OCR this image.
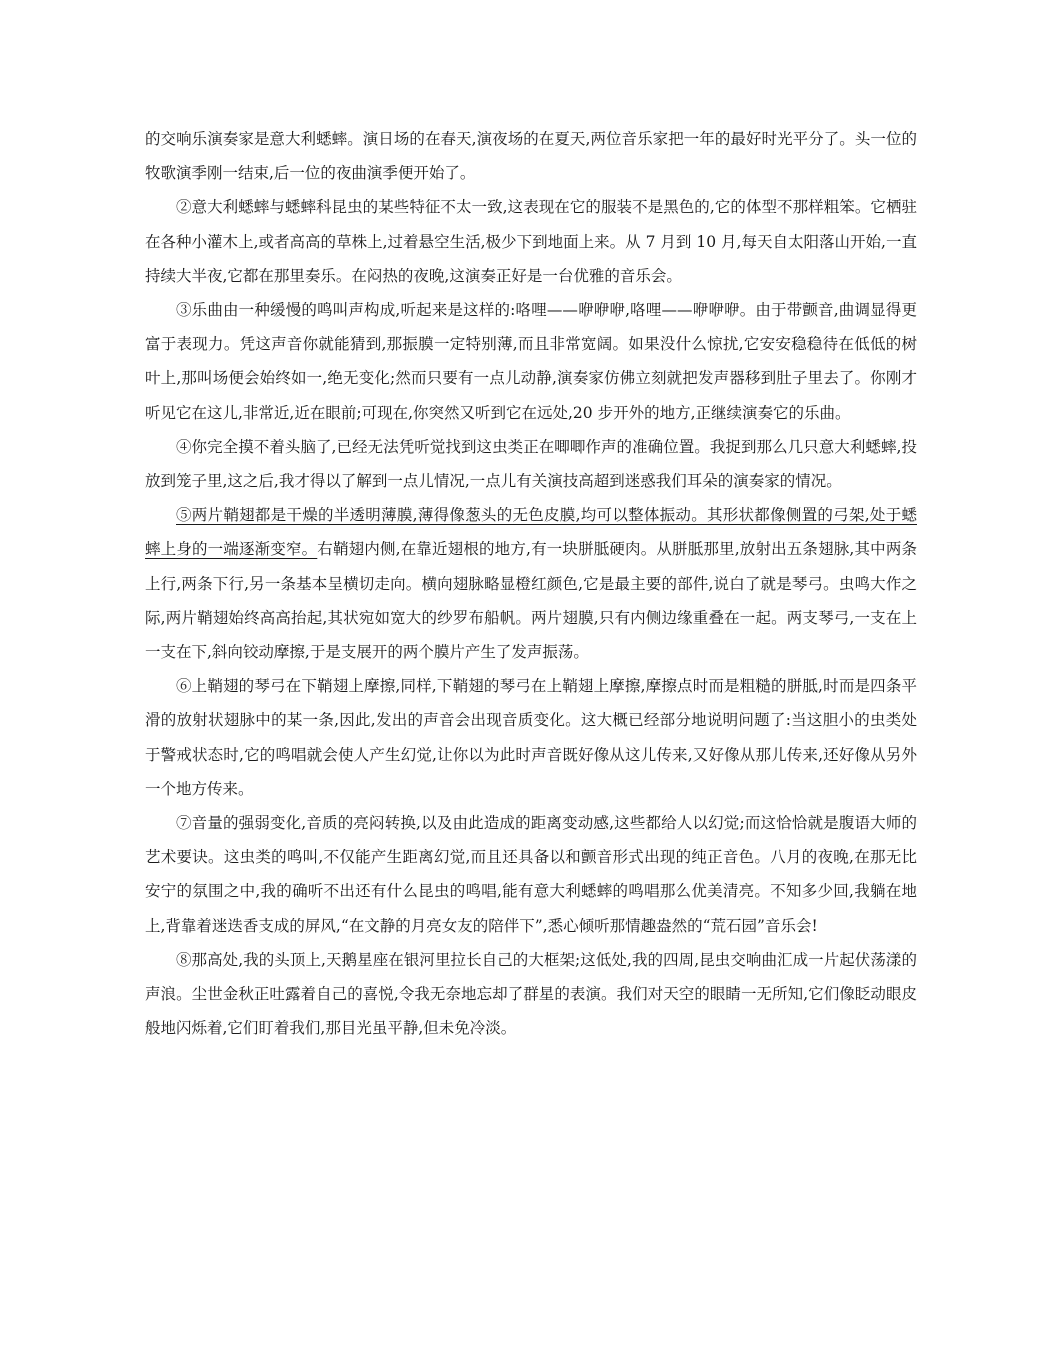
的交响乐演奏家是意大利蟋蟀。演日场的在春天,演夜场的在夏天,两位音乐家把一年的最好时光平分了。头一位的牧歌演季刚一结束,后一位的夜曲演季便开始了。

②意大利蟋蟀与蟋蟀科昆虫的某些特征不太一致,这表现在它的服装不是黑色的,它的体型不那样粗笨。它栖驻在各种小灌木上,或者高高的草株上,过着悬空生活,极少下到地面上来。从 7 月到 10 月,每天自太阳落山开始,一直持续大半夜,它都在那里奏乐。在闷热的夜晚,这演奏正好是一台优雅的音乐会。

③乐曲由一种缓慢的鸣叫声构成,听起来是这样的:咯哩——咿咿咿,咯哩——咿咿咿。由于带颤音,曲调显得更富于表现力。凭这声音你就能猜到,那振膜一定特别薄,而且非常宽阔。如果没什么惊扰,它安安稳稳待在低低的树叶上,那叫场便会始终如一,绝无变化;然而只要有一点儿动静,演奏家仿佛立刻就把发声器移到肚子里去了。你刚才听见它在这儿,非常近,近在眼前;可现在,你突然又听到它在远处,20 步开外的地方,正继续演奏它的乐曲。

④你完全摸不着头脑了,已经无法凭听觉找到这虫类正在唧唧作声的准确位置。我捉到那么几只意大利蟋蟀,投放到笼子里,这之后,我才得以了解到一点儿情况,一点儿有关演技高超到迷惑我们耳朵的演奏家的情况。

⑤两片鞘翅都是干燥的半透明薄膜,薄得像葱头的无色皮膜,均可以整体振动。其形状都像侧置的弓架,处于蟋蟀上身的一端逐渐变窄。右鞘翅内侧,在靠近翅根的地方,有一块胼胝硬肉。从胼胝那里,放射出五条翅脉,其中两条上行,两条下行,另一条基本呈横切走向。横向翅脉略显橙红颜色,它是最主要的部件,说白了就是琴弓。虫鸣大作之际,两片鞘翅始终高高抬起,其状宛如宽大的纱罗布船帆。两片翅膜,只有内侧边缘重叠在一起。两支琴弓,一支在上一支在下,斜向铰动摩擦,于是支展开的两个膜片产生了发声振荡。

⑥上鞘翅的琴弓在下鞘翅上摩擦,同样,下鞘翅的琴弓在上鞘翅上摩擦,摩擦点时而是粗糙的胼胝,时而是四条平滑的放射状翅脉中的某一条,因此,发出的声音会出现音质变化。这大概已经部分地说明问题了:当这胆小的虫类处于警戒状态时,它的鸣唱就会使人产生幻觉,让你以为此时声音既好像从这儿传来,又好像从那儿传来,还好像从另外一个地方传来。

⑦音量的强弱变化,音质的亮闷转换,以及由此造成的距离变动感,这些都给人以幻觉;而这恰恰就是腹语大师的艺术要诀。这虫类的鸣叫,不仅能产生距离幻觉,而且还具备以和颤音形式出现的纯正音色。八月的夜晚,在那无比安宁的氛围之中,我的确听不出还有什么昆虫的鸣唱,能有意大利蟋蟀的鸣唱那么优美清亮。不知多少回,我躺在地上,背靠着迷迭香支成的屏风,“在文静的月亮女友的陪伴下”,悉心倾听那情趣盎然的“荒石园”音乐会!

⑧那高处,我的头顶上,天鹅星座在银河里拉长自己的大框架;这低处,我的四周,昆虫交响曲汇成一片起伏荡漾的声浪。尘世金秋正吐露着自己的喜悦,令我无奈地忘却了群星的表演。我们对天空的眼睛一无所知,它们像眨动眼皮般地闪烁着,它们盯着我们,那目光虽平静,但未免冷淡。
